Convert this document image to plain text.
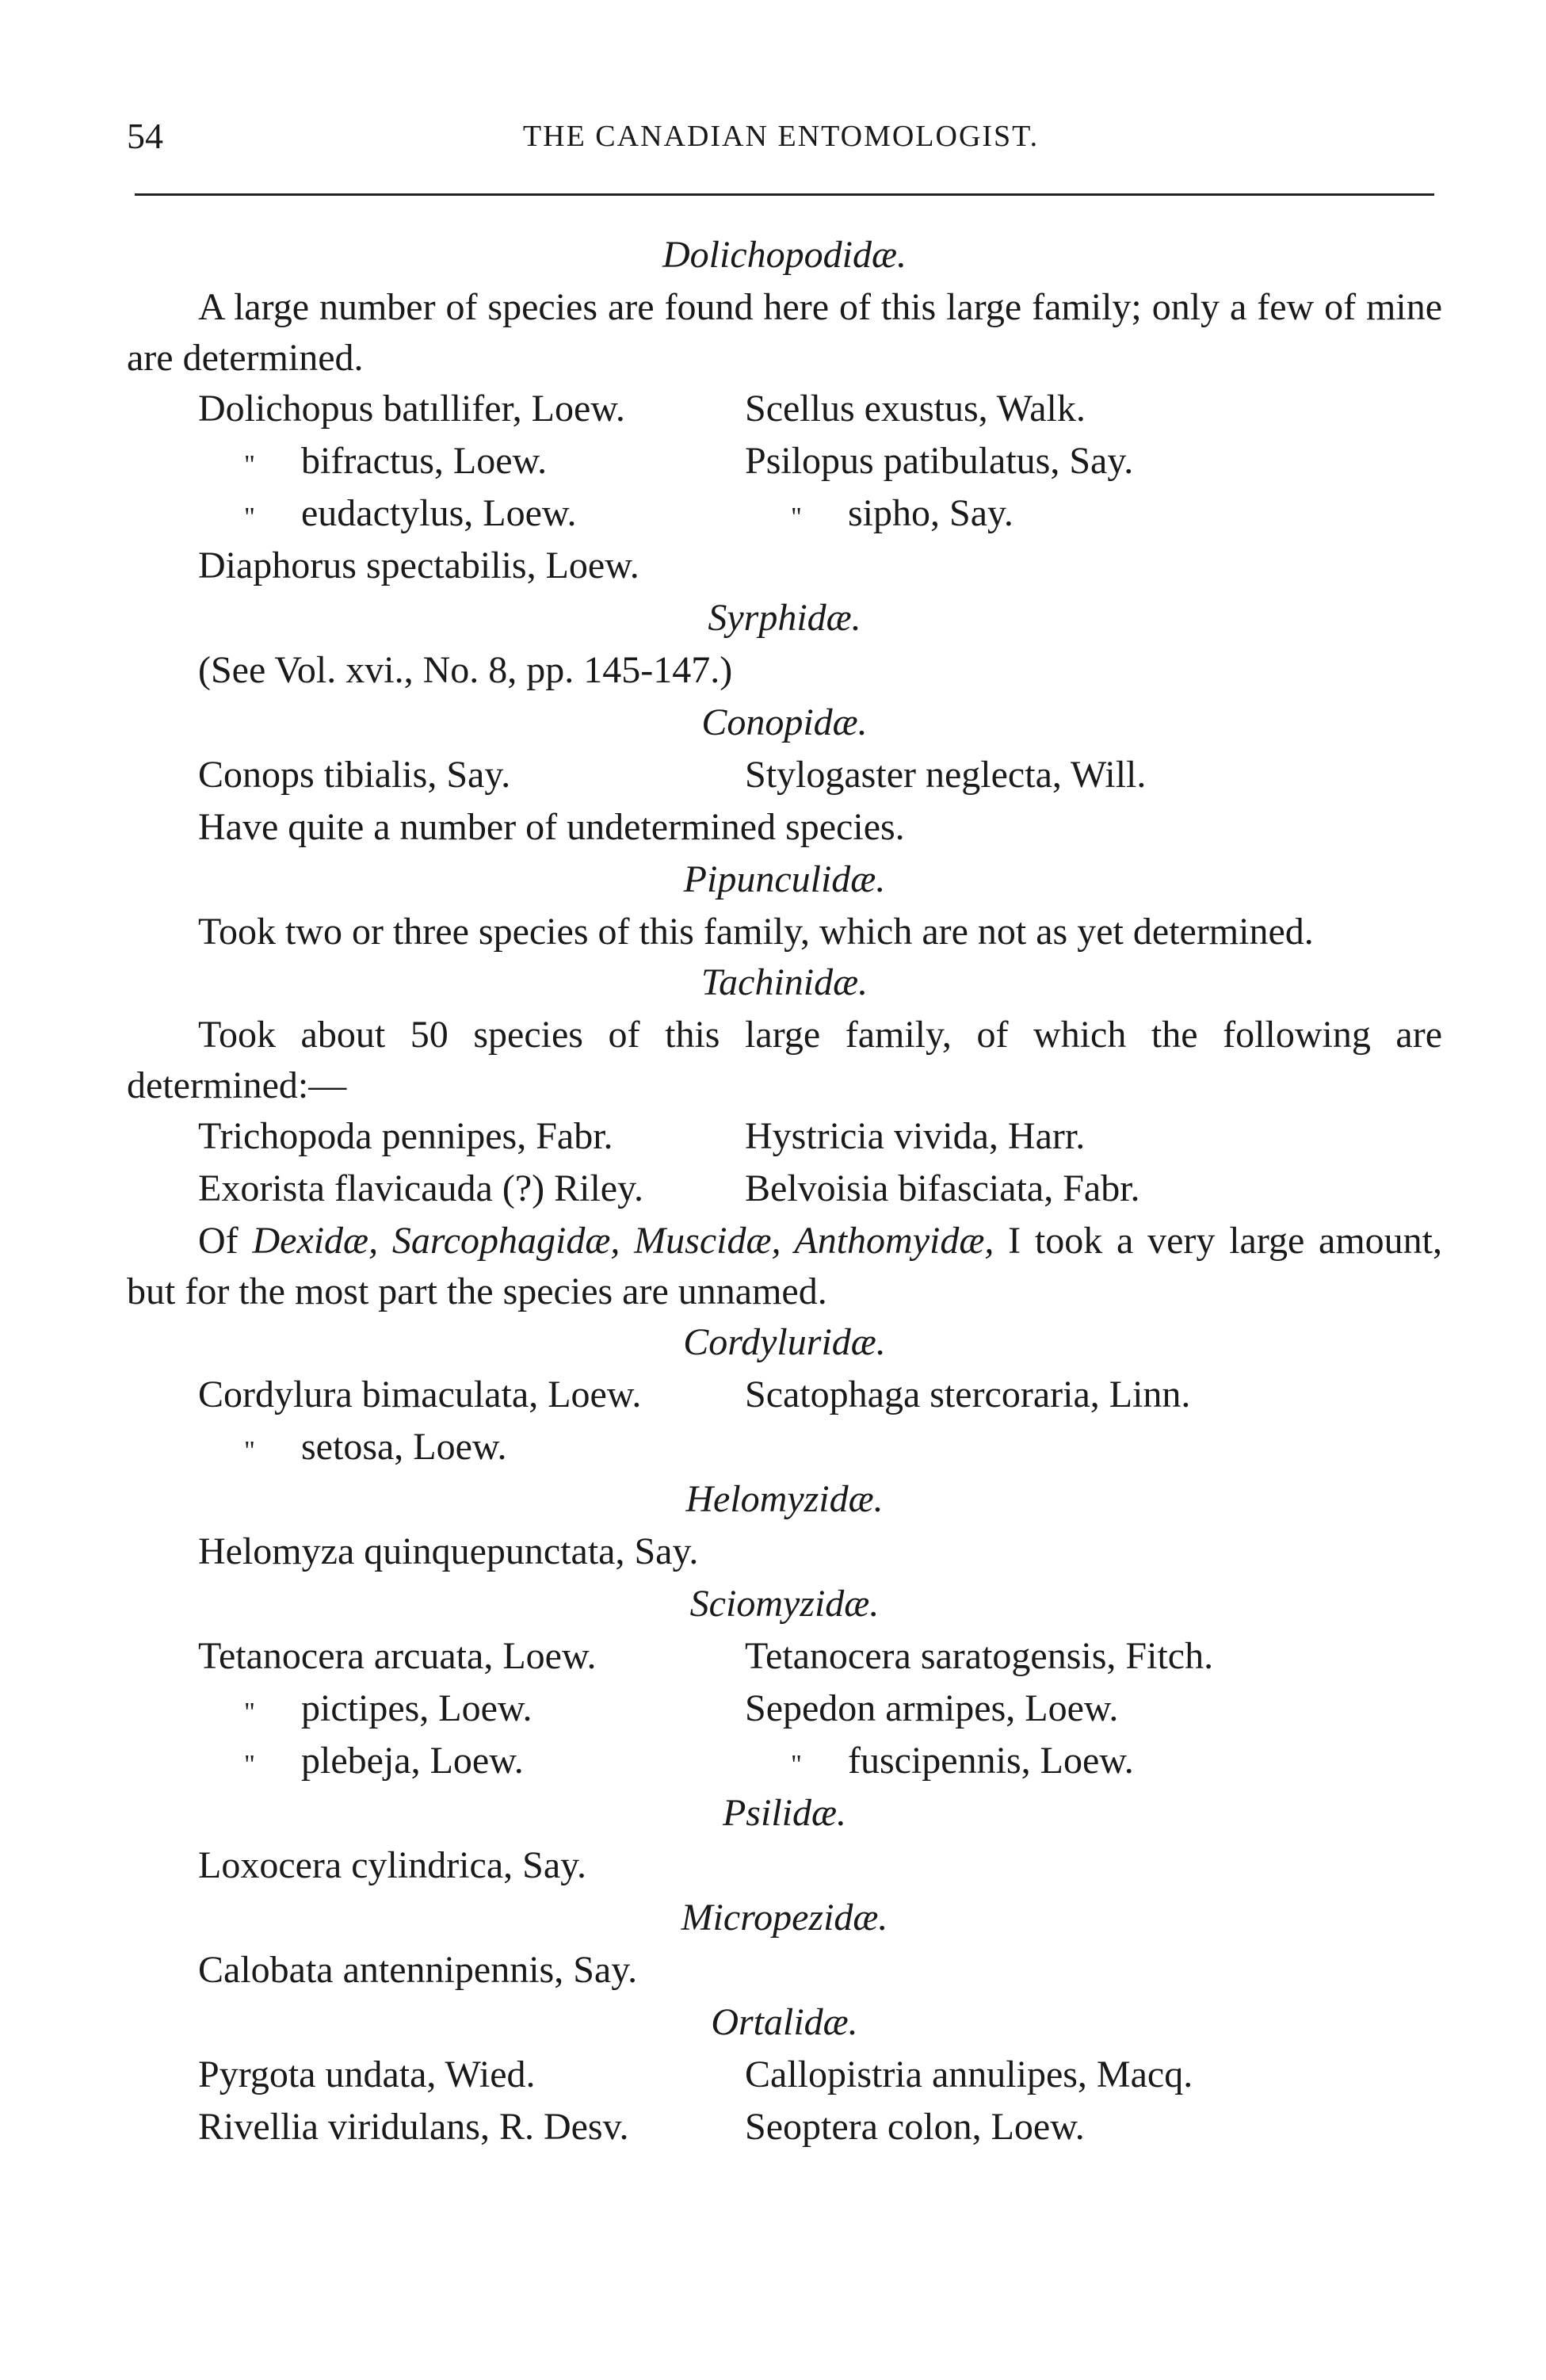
54	THE CANADIAN ENTOMOLOGIST.

Dolichopodidæ.

A large number of species are found here of this large family; only a few of mine are determined.

Dolichopus batıllifer, Loew.	Scellus exustus, Walk.
" bifractus, Loew.	Psilopus patibulatus, Say.
" eudactylus, Loew.	" sipho, Say.
Diaphorus spectabilis, Loew.

Syrphidæ.

(See Vol. xvi., No. 8, pp. 145-147.)

Conopidæ.

Conops tibialis, Say.	Stylogaster neglecta, Will.
Have quite a number of undetermined species.

Pipunculidæ.

Took two or three species of this family, which are not as yet determined.

Tachinidæ.

Took about 50 species of this large family, of which the following are determined:—

Trichopoda pennipes, Fabr.	Hystricia vivida, Harr.
Exorista flavicauda (?) Riley.	Belvoisia bifasciata, Fabr.

Of Dexidæ, Sarcophagidæ, Muscidæ, Anthomyidæ, I took a very large amount, but for the most part the species are unnamed.

Cordyluridæ.

Cordylura bimaculata, Loew.	Scatophaga stercoraria, Linn.
" setosa, Loew.

Helomyzidæ.

Helomyza quinquepunctata, Say.

Sciomyzidæ.

Tetanocera arcuata, Loew.	Tetanocera saratogensis, Fitch.
" pictipes, Loew.	Sepedon armipes, Loew.
" plebeja, Loew.	" fuscipennis, Loew.

Psilidæ.

Loxocera cylindrica, Say.

Micropezidæ.

Calobata antennipennis, Say.

Ortalidæ.

Pyrgota undata, Wied.	Callopistria annulipes, Macq.
Rivellia viridulans, R. Desv.	Seoptera colon, Loew.
